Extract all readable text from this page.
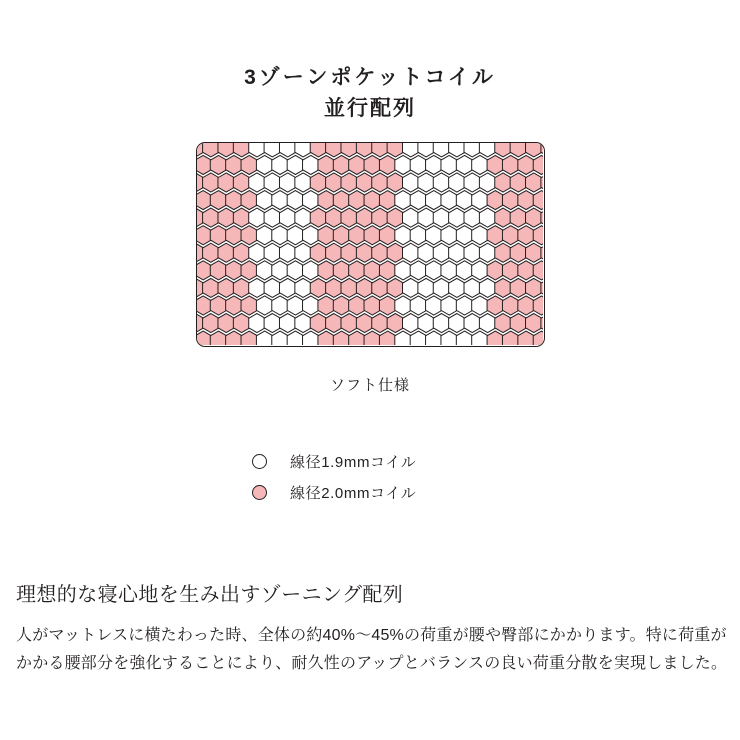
3ゾーンポケットコイル
並行配列
ソフト仕様
線径1.9mmコイル
線径2.0mmコイル
理想的な寝心地を生み出すゾーニング配列
人がマットレスに横たわった時、全体の約40%〜45%の荷重が腰や臀部にかかります。特に荷重がかかる腰部分を強化することにより、耐久性のアップとバランスの良い荷重分散を実現しました。
